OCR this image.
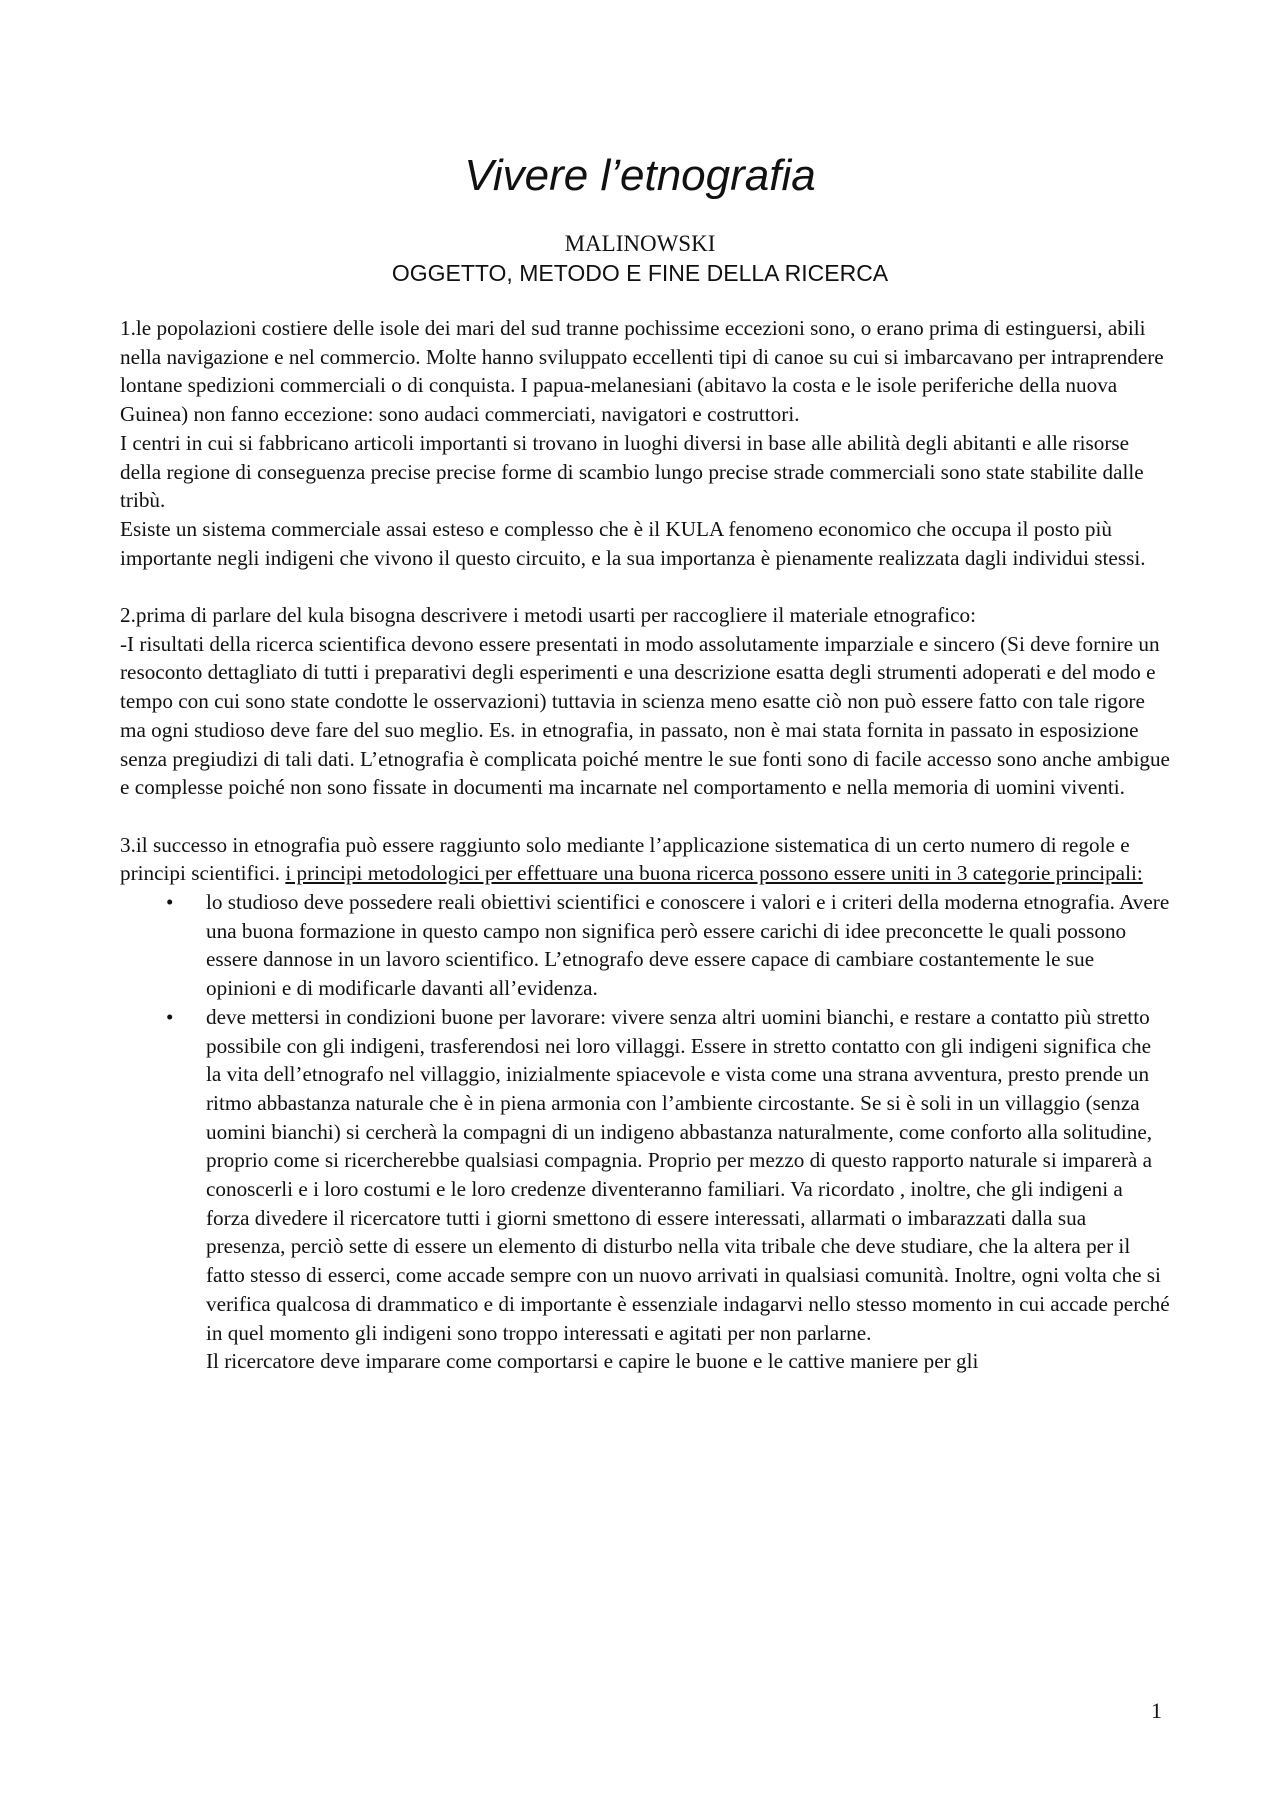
Vivere l’etnografia
MALINOWSKI
OGGETTO, METODO E FINE DELLA RICERCA

1.le popolazioni costiere delle isole dei mari del sud tranne pochissime eccezioni sono, o erano prima di estinguersi, abili nella navigazione e nel commercio. Molte hanno sviluppato eccellenti tipi di canoe su cui si imbarcavano per intraprendere lontane spedizioni commerciali o di conquista. I papua-melanesiani (abitavo la costa e le isole periferiche della nuova Guinea) non fanno eccezione: sono audaci commerciati, navigatori e costruttori.

I centri in cui si fabbricano articoli importanti si trovano in luoghi diversi in base alle abilità degli abitanti e alle risorse della regione di conseguenza precise precise forme di scambio lungo precise strade commerciali sono state stabilite dalle tribù.

Esiste un sistema commerciale assai esteso e complesso che è il KULA fenomeno economico che occupa il posto più importante negli indigeni che vivono il questo circuito, e la sua importanza è pienamente realizzata dagli individui stessi.

2.prima di parlare del kula bisogna descrivere i metodi usarti per raccogliere il materiale etnografico:

-I risultati della ricerca scientifica devono essere presentati in modo assolutamente imparziale e sincero (Si deve fornire un resoconto dettagliato di tutti i preparativi degli esperimenti e una descrizione esatta degli strumenti adoperati e del modo e tempo con cui sono state condotte le osservazioni) tuttavia in scienza meno esatte ciò non può essere fatto con tale rigore ma ogni studioso deve fare del suo meglio. Es. in etnografia, in passato, non è mai stata fornita in passato in esposizione senza pregiudizi di tali dati. L’etnografia è complicata poiché mentre le sue fonti sono di facile accesso sono anche ambigue e complesse poiché non sono fissate in documenti ma incarnate nel comportamento e nella memoria di uomini viventi.

3.il successo in etnografia può essere raggiunto solo mediante l’applicazione sistematica di un certo numero di regole e principi scientifici. i principi metodologici per effettuare una buona ricerca possono essere uniti in 3 categorie principali:

• lo studioso deve possedere reali obiettivi scientifici e conoscere i valori e i criteri della moderna etnografia. Avere una buona formazione in questo campo non significa però essere carichi di idee preconcette le quali possono essere dannose in un lavoro scientifico. L’etnografo deve essere capace di cambiare costantemente le sue opinioni e di modificarle davanti all’evidenza.
• deve mettersi in condizioni buone per lavorare: vivere senza altri uomini bianchi, e restare a contatto più stretto possibile con gli indigeni, trasferendosi nei loro villaggi. Essere in stretto contatto con gli indigeni significa che la vita dell’etnografo nel villaggio, inizialmente spiacevole e vista come una strana avventura, presto prende un ritmo abbastanza naturale che è in piena armonia con l’ambiente circostante. Se si è soli in un villaggio (senza uomini bianchi) si cercherà la compagni di un indigeno abbastanza naturalmente, come conforto alla solitudine, proprio come si ricercherebbe qualsiasi compagnia. Proprio per mezzo di questo rapporto naturale si imparerà a conoscerli e i loro costumi e le loro credenze diventeranno familiari. Va ricordato , inoltre, che gli indigeni a forza divedere il ricercatore tutti i giorni smettono di essere interessati, allarmati o imbarazzati dalla sua presenza, perciò sette di essere un elemento di disturbo nella vita tribale che deve studiare, che la altera per il fatto stesso di esserci, come accade sempre con un nuovo arrivati in qualsiasi comunità. Inoltre, ogni volta che si verifica qualcosa di drammatico e di importante è essenziale indagarvi nello stesso momento in cui accade perché in quel momento gli indigeni sono troppo interessati e agitati per non parlarne.
Il ricercatore deve imparare come comportarsi e capire le buone e le cattive maniere per gli
1
